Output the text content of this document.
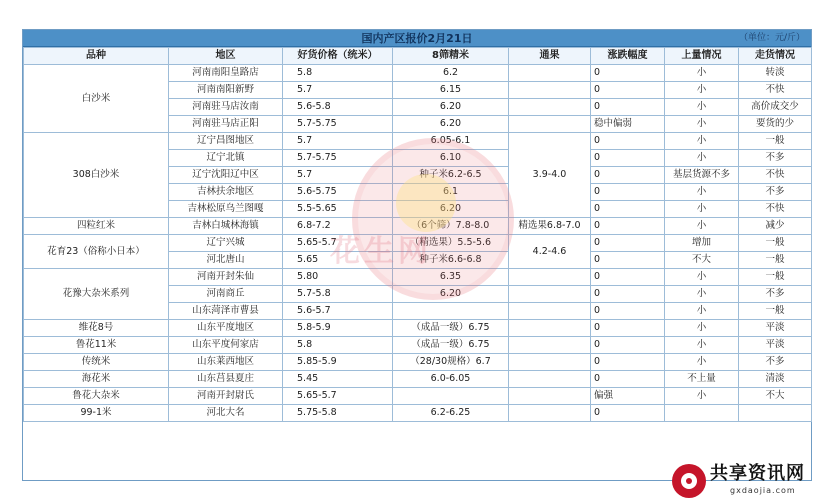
国内产区报价2月21日	（单位：元/斤）
品种	地区	好货价格（统米）	8筛精米	通果	涨跌幅度	上量情况	走货情况
白沙米	河南南阳皇路店	5.8	6.2		0	小	转淡
	河南南阳新野	5.7	6.15		0	小	不快
	河南驻马店汝南	5.6-5.8	6.20		0	小	高价成交少
	河南驻马店正阳	5.7-5.75	6.20		稳中偏弱	小	要货的少
308白沙米	辽宁昌图地区	5.7	6.05-6.1	3.9-4.0	0	小	一般
	辽宁北镇	5.7-5.75	6.10		0	小	不多
	辽宁沈阳辽中区	5.7	种子米6.2-6.5		0	基层货源不多	不快
	吉林扶余地区	5.6-5.75	6.1		0	小	不多
	吉林松原乌兰图嘎	5.5-5.65	6.20		0	小	不快
四粒红米	吉林白城林海镇	6.8-7.2	（6个筛）7.8-8.0	精选果6.8-7.0	0	小	减少
花育23（俗称小日本）	辽宁兴城	5.65-5.7	（精选果）5.5-5.6	4.2-4.6	0	增加	一般
	河北唐山	5.65	种子米6.6-6.8		0	不大	一般
花豫大杂米系列	河南开封朱仙	5.80	6.35		0	小	一般
	河南商丘	5.7-5.8	6.20		0	小	不多
	山东菏泽市曹县	5.6-5.7			0	小	一般
维花8号	山东平度地区	5.8-5.9	（成品一级）6.75		0	小	平淡
鲁花11米	山东平度何家店	5.8	（成品一级）6.75		0	小	平淡
传统米	山东莱西地区	5.85-5.9	（28/30规格）6.7		0	小	不多
海花米	山东莒县夏庄	5.45	6.0-6.05		0	不上量	清淡
鲁花大杂米	河南开封尉氏	5.65-5.7			偏强	小	不大
99-1米	河北大名	5.75-5.8	6.2-6.25		0		
花生网
共享资讯网
gxdaojia.com
